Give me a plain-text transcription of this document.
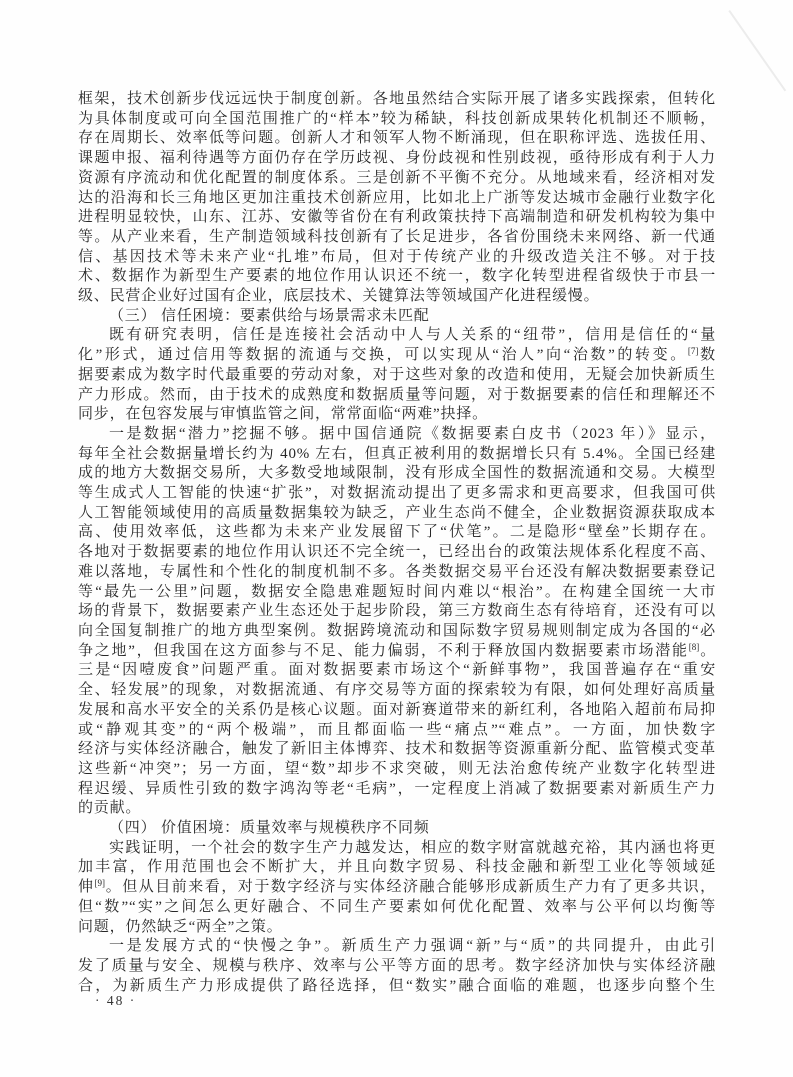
框架，技术创新步伐远远快于制度创新。各地虽然结合实际开展了诸多实践探索，但转化
为具体制度或可向全国范围推广的“样本”较为稀缺，科技创新成果转化机制还不顺畅，
存在周期长、效率低等问题。创新人才和领军人物不断涌现，但在职称评选、选拔任用、
课题申报、福利待遇等方面仍存在学历歧视、身份歧视和性别歧视，亟待形成有利于人力
资源有序流动和优化配置的制度体系。三是创新不平衡不充分。从地域来看，经济相对发
达的沿海和长三角地区更加注重技术创新应用，比如北上广浙等发达城市金融行业数字化
进程明显较快，山东、江苏、安徽等省份在有利政策扶持下高端制造和研发机构较为集中
等。从产业来看，生产制造领域科技创新有了长足进步，各省份围绕未来网络、新一代通
信、基因技术等未来产业“扎堆”布局，但对于传统产业的升级改造关注不够。对于技
术、数据作为新型生产要素的地位作用认识还不统一，数字化转型进程省级快于市县一
级、民营企业好过国有企业，底层技术、关键算法等领域国产化进程缓慢。
（三） 信任困境：要素供给与场景需求未匹配
既有研究表明，信任是连接社会活动中人与人关系的“纽带”，信用是信任的“量
化”形式，通过信用等数据的流通与交换，可以实现从“治人”向“治数”的转变。[7]数
据要素成为数字时代最重要的劳动对象，对于这些对象的改造和使用，无疑会加快新质生
产力形成。然而，由于技术的成熟度和数据质量等问题，对于数据要素的信任和理解还不
同步，在包容发展与审慎监管之间，常常面临“两难”抉择。
一是数据“潜力”挖掘不够。据中国信通院《数据要素白皮书（2023 年）》显示，
每年全社会数据量增长约为 40% 左右，但真正被利用的数据增长只有 5.4%。全国已经建
成的地方大数据交易所，大多数受地域限制，没有形成全国性的数据流通和交易。大模型
等生成式人工智能的快速“扩张”，对数据流动提出了更多需求和更高要求，但我国可供
人工智能领域使用的高质量数据集较为缺乏，产业生态尚不健全，企业数据资源获取成本
高、使用效率低，这些都为未来产业发展留下了“伏笔”。二是隐形“壁垒”长期存在。
各地对于数据要素的地位作用认识还不完全统一，已经出台的政策法规体系化程度不高、
难以落地，专属性和个性化的制度机制不多。各类数据交易平台还没有解决数据要素登记
等“最先一公里”问题，数据安全隐患难题短时间内难以“根治”。在构建全国统一大市
场的背景下，数据要素产业生态还处于起步阶段，第三方数商生态有待培育，还没有可以
向全国复制推广的地方典型案例。数据跨境流动和国际数字贸易规则制定成为各国的“必
争之地”，但我国在这方面参与不足、能力偏弱，不利于释放国内数据要素市场潜能[8]。
三是“因噎废食”问题严重。面对数据要素市场这个“新鲜事物”，我国普遍存在“重安
全、轻发展”的现象，对数据流通、有序交易等方面的探索较为有限，如何处理好高质量
发展和高水平安全的关系仍是核心议题。面对新赛道带来的新红利，各地陷入超前布局抑
或“静观其变”的“两个极端”，而且都面临一些“痛点”“难点”。一方面，加快数字
经济与实体经济融合，触发了新旧主体博弈、技术和数据等资源重新分配、监管模式变革
这些新“冲突”；另一方面，望“数”却步不求突破，则无法治愈传统产业数字化转型进
程迟缓、异质性引致的数字鸿沟等老“毛病”，一定程度上消减了数据要素对新质生产力
的贡献。
（四） 价值困境：质量效率与规模秩序不同频
实践证明，一个社会的数字生产力越发达，相应的数字财富就越充裕，其内涵也将更
加丰富，作用范围也会不断扩大，并且向数字贸易、科技金融和新型工业化等领域延
伸[9]。但从目前来看，对于数字经济与实体经济融合能够形成新质生产力有了更多共识，
但“数”“实”之间怎么更好融合、不同生产要素如何优化配置、效率与公平何以均衡等
问题，仍然缺乏“两全”之策。
一是发展方式的“快慢之争”。新质生产力强调“新”与“质”的共同提升，由此引
发了质量与安全、规模与秩序、效率与公平等方面的思考。数字经济加快与实体经济融
合，为新质生产力形成提供了路径选择，但“数实”融合面临的难题，也逐步向整个生
· 48 ·
